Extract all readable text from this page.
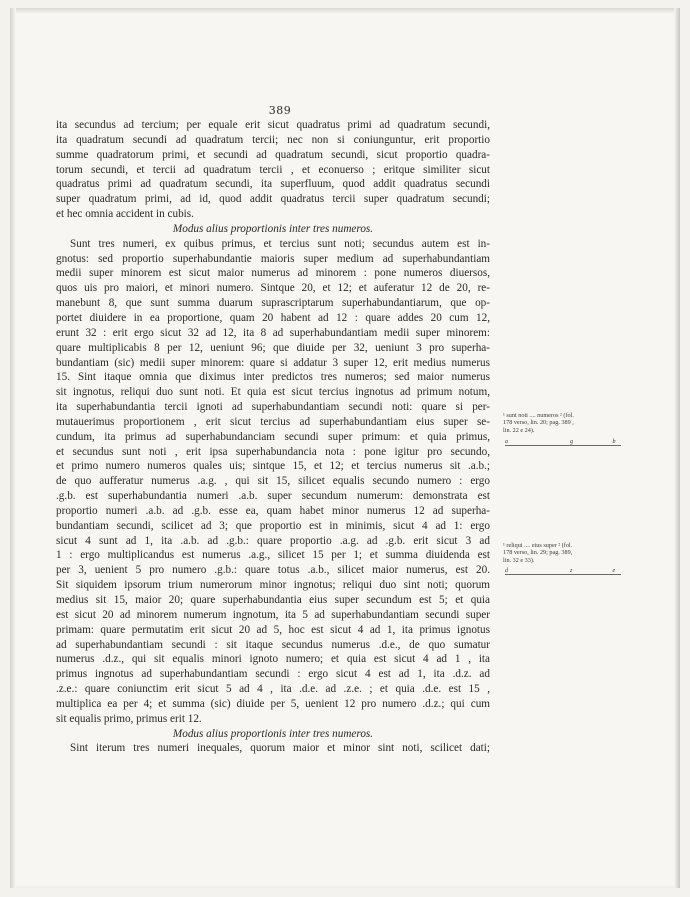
389
ita secundus ad tercium; per equale erit sicut quadratus primi ad quadratum secundi,
ita quadratum secundi ad quadratum tercii; nec non si coniunguntur, erit proportio
summe quadratorum primi, et secundi ad quadratum secundi, sicut proportio quadra-
torum secundi, et tercii ad quadratum tercii , et econuerso ; eritque similiter sicut
quadratus primi ad quadratum secundi, ita superfluum, quod addit quadratus secundi
super quadratum primi, ad id, quod addit quadratus tercii super quadratum secundi;
et hec omnia accident in cubis.
Modus alius proportionis inter tres numeros.
Sunt tres numeri, ex quibus primus, et tercius sunt noti; secundus autem est in-
gnotus: sed proportio superhabundantie maioris super medium ad superhabundantiam
medii super minorem est sicut maior numerus ad minorem : pone numeros diuersos,
quos uis pro maiori, et minori numero. Sintque 20, et 12; et auferatur 12 de 20, re-
manebunt 8, que sunt summa duarum suprascriptarum superhabundantiarum, que op-
portet diuidere in ea proportione, quam 20 habent ad 12 : quare addes 20 cum 12,
erunt 32 : erit ergo sicut 32 ad 12, ita 8 ad superhabundantiam medii super minorem:
quare multiplicabis 8 per 12, ueniunt 96; que diuide per 32, ueniunt 3 pro superha-
bundantiam (sic) medii super minorem: quare si addatur 3 super 12, erit medius numerus
15. Sint itaque omnia que diximus inter predictos tres numeros; sed maior numerus
sit ingnotus, reliqui duo sunt noti. Et quia est sicut tercius ingnotus ad primum notum,
ita superhabundantia tercii ignoti ad superhabundantiam secundi noti: quare si per-
mutauerimus proportionem , erit sicut tercius ad superhabundantiam eius super se-
cundum, ita primus ad superhabundanciam secundi super primum: et quia primus,
et secundus sunt noti , erit ipsa superhabundancia nota : pone igitur pro secundo,
et primo numero numeros quales uis; sintque 15, et 12; et tercius numerus sit .a.b.;
de quo aufferatur numerus .a.g. , qui sit 15, silicet equalis secundo numero : ergo
.g.b. est superhabundantia numeri .a.b. super secundum numerum: demonstrata est
proportio numeri .a.b. ad .g.b. esse ea, quam habet minor numerus 12 ad superha-
bundantiam secundi, scilicet ad 3; que proportio est in minimis, sicut 4 ad 1: ergo
sicut 4 sunt ad 1, ita .a.b. ad .g.b.: quare proportio .a.g. ad .g.b. erit sicut 3 ad
1 : ergo multiplicandus est numerus .a.g., silicet 15 per 1; et summa diuidenda est
per 3, uenient 5 pro numero .g.b.: quare totus .a.b., silicet maior numerus, est 20.
Sit siquidem ipsorum trium numerorum minor ingnotus; reliqui duo sint noti; quorum
medius sit 15, maior 20; quare superhabundantia eius super secundum est 5; et quia
est sicut 20 ad minorem numerum ingnotum, ita 5 ad superhabundantiam secundi super
primam: quare permutatim erit sicut 20 ad 5, hoc est sicut 4 ad 1, ita primus ignotus
ad superhabundantiam secundi : sit itaque secundus numerus .d.e., de quo sumatur
numerus .d.z., qui sit equalis minori ignoto numero; et quia est sicut 4 ad 1 , ita
primus ingnotus ad superhabundantiam secundi : ergo sicut 4 est ad 1, ita .d.z. ad
.z.e.: quare coniunctim erit sicut 5 ad 4 , ita .d.e. ad .z.e. ; et quia .d.e. est 15 ,
multiplica ea per 4; et summa (sic) diuide per 5, uenient 12 pro numero .d.z.; qui cum
sit equalis primo, primus erit 12.
Modus alius proportionis inter tres numeros.
Sint iterum tres numeri inequales, quorum maior et minor sint noti, scilicet dati;
¹ sunt noti .... numeros ² (fol.
178 verso, lin. 20; pag. 389 ,
lin. 22 e 24).
a	g	b
¹ reliqui .... eius super ² (fol.
178 verso, lin. 29; pag. 389,
lin. 32 e 33).
d	z	e
